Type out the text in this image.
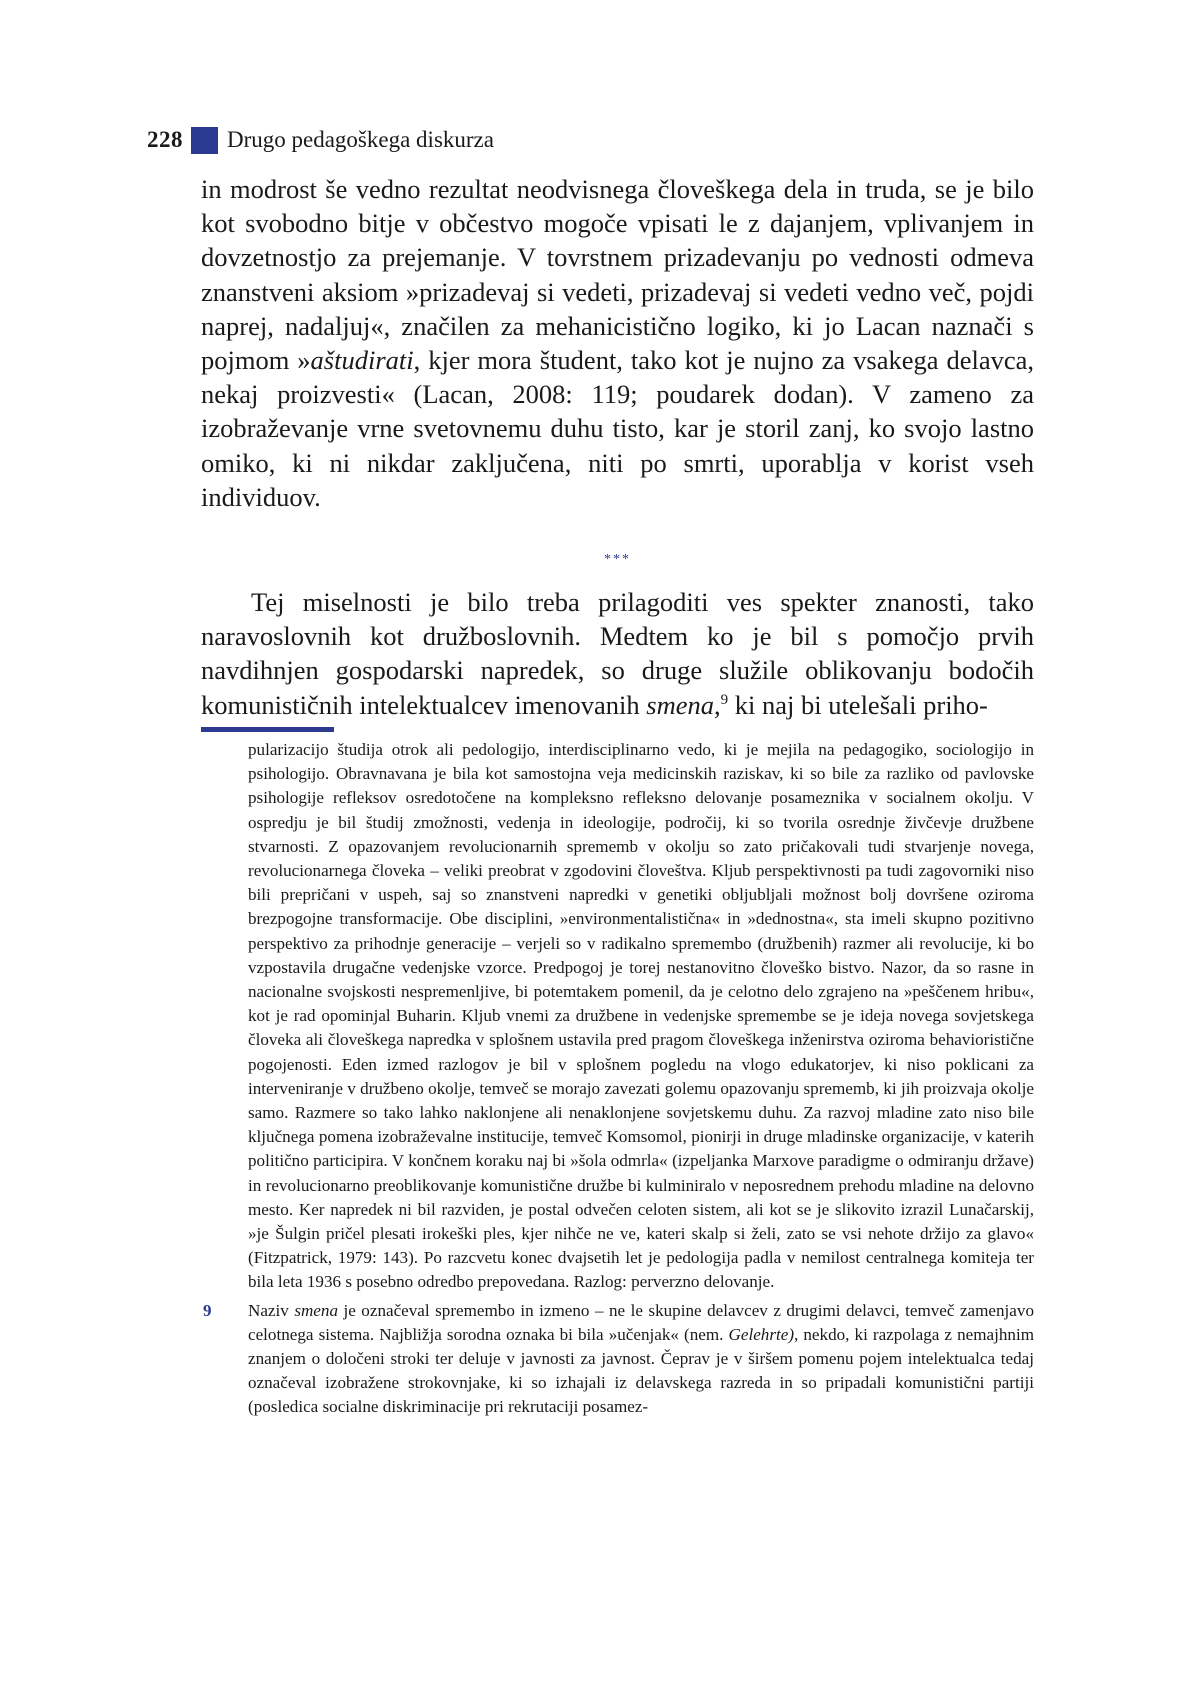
228 Drugo pedagoškega diskurza

in modrost še vedno rezultat neodvisnega človeškega dela in truda, se je bilo kot svobodno bitje v občestvo mogoče vpisati le z dajanjem, vplivanjem in dovzetnostjo za prejemanje. V tovrstnem prizadevanju po vednosti odmeva znanstveni aksiom »prizadevaj si vedeti, prizadevaj si vedeti vedno več, pojdi naprej, nadaljuj«, značilen za mehanicistično logiko, ki jo Lacan naznači s pojmom »aštudirati, kjer mora študent, tako kot je nujno za vsakega delavca, nekaj proizvesti« (Lacan, 2008: 119; poudarek dodan). V zameno za izobraževanje vrne svetovnemu duhu tisto, kar je storil zanj, ko svojo lastno omiko, ki ni nikdar zaključena, niti po smrti, uporablja v korist vseh individuov.

***

Tej miselnosti je bilo treba prilagoditi ves spekter znanosti, tako naravoslovnih kot družboslovnih. Medtem ko je bil s pomočjo prvih navdihnjen gospodarski napredek, so druge služile oblikovanju bodočih komunističnih intelektualcev imenovanih smena,$^9$ ki naj bi utelešali priho-

pularizacijo študija otrok ali pedologijo, interdisciplinarno vedo, ki je mejila na pedagogiko, sociologijo in psihologijo. Obravnavana je bila kot samostojna veja medicinskih raziskav, ki so bile za razliko od pavlovske psihologije refleksov osredotočene na kompleksno refleksno delovanje posameznika v socialnem okolju. V ospredju je bil študij zmožnosti, vedenja in ideologije, področij, ki so tvorila osrednje živčevje družbene stvarnosti. Z opazovanjem revolucionarnih sprememb v okolju so zato pričakovali tudi stvarjenje novega, revolucionarnega človeka – veliki preobrat v zgodovini človeštva. Kljub perspektivnosti pa tudi zagovorniki niso bili prepričani v uspeh, saj so znanstveni napredki v genetiki obljubljali možnost bolj dovršene oziroma brezpogojne transformacije. Obe disciplini, »environmentalistična« in »dednostna«, sta imeli skupno pozitivno perspektivo za prihodnje generacije – verjeli so v radikalno spremembo (družbenih) razmer ali revolucije, ki bo vzpostavila drugačne vedenjske vzorce. Predpogoj je torej nestanovitno človeško bistvo. Nazor, da so rasne in nacionalne svojskosti nespremenljive, bi potemtakem pomenil, da je celotno delo zgrajeno na »peščenem hribu«, kot je rad opominjal Buharin. Kljub vnemi za družbene in vedenjske spremembe se je ideja novega sovjetskega človeka ali človeškega napredka v splošnem ustavila pred pragom človeškega inženirstva oziroma behavioristične pogojenosti. Eden izmed razlogov je bil v splošnem pogledu na vlogo edukatorjev, ki niso poklicani za interveniranje v družbeno okolje, temveč se morajo zavezati golemu opazovanju sprememb, ki jih proizvaja okolje samo. Razmere so tako lahko naklonjene ali nenaklonjene sovjetskemu duhu. Za razvoj mladine zato niso bile ključnega pomena izobraževalne institucije, temveč Komsomol, pionirji in druge mladinske organizacije, v katerih politično participira. V končnem koraku naj bi »šola odmrla« (izpeljanka Marxove paradigme o odmiranju države) in revolucionarno preoblikovanje komunistične družbe bi kulminiralo v neposrednem prehodu mladine na delovno mesto. Ker napredek ni bil razviden, je postal odvečen celoten sistem, ali kot se je slikovito izrazil Lunačarskij, »je Šulgin pričel plesati irokeški ples, kjer nihče ne ve, kateri skalp si želi, zato se vsi nehote držijo za glavo« (Fitzpatrick, 1979: 143). Po razcvetu konec dvajsetih let je pedologija padla v nemilost centralnega komiteja ter bila leta 1936 s posebno odredbo prepovedana. Razlog: perverzno delovanje.

9 Naziv smena je označeval spremembo in izmeno – ne le skupine delavcev z drugimi delavci, temveč zamenjavo celotnega sistema. Najbližja sorodna oznaka bi bila »učenjak« (nem. Gelehrte), nekdo, ki razpolaga z nemajhnim znanjem o določeni stroki ter deluje v javnosti za javnost. Čeprav je v širšem pomenu pojem intelektualca tedaj označeval izobražene strokovnjake, ki so izhajali iz delavskega razreda in so pripadali komunistični partiji (posledica socialne diskriminacije pri rekrutaciji posamez-
